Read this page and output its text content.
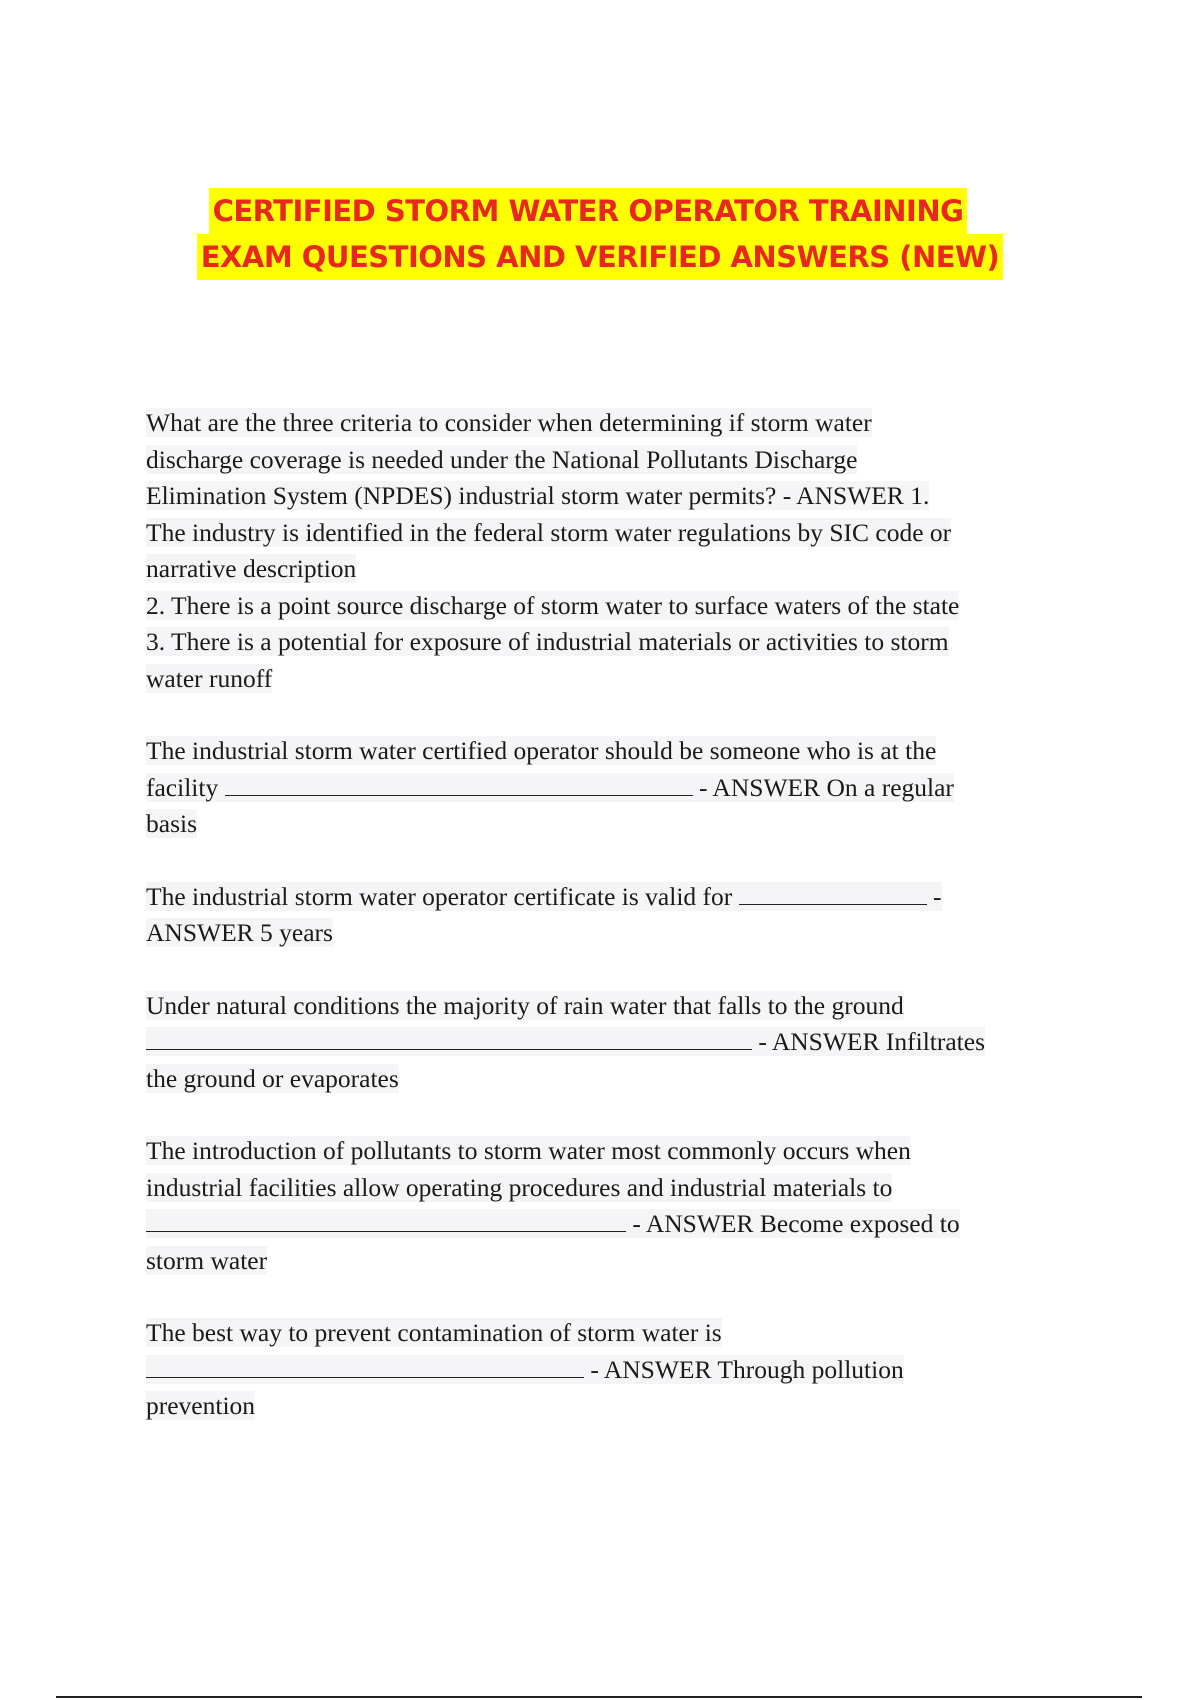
CERTIFIED STORM WATER OPERATOR TRAINING
EXAM QUESTIONS AND VERIFIED ANSWERS (NEW)
What are the three criteria to consider when determining if storm water
discharge coverage is needed under the National Pollutants Discharge
Elimination System (NPDES) industrial storm water permits? - ANSWER 1.
The industry is identified in the federal storm water regulations by SIC code or
narrative description
2. There is a point source discharge of storm water to surface waters of the state
3. There is a potential for exposure of industrial materials or activities to storm
water runoff
The industrial storm water certified operator should be someone who is at the
facility	- ANSWER On a regular
basis
The industrial storm water operator certificate is valid for	-
ANSWER 5 years
Under natural conditions the majority of rain water that falls to the ground
- ANSWER Infiltrates
the ground or evaporates
The introduction of pollutants to storm water most commonly occurs when
industrial facilities allow operating procedures and industrial materials to
- ANSWER Become exposed to
storm water
The best way to prevent contamination of storm water is
- ANSWER Through pollution
prevention
